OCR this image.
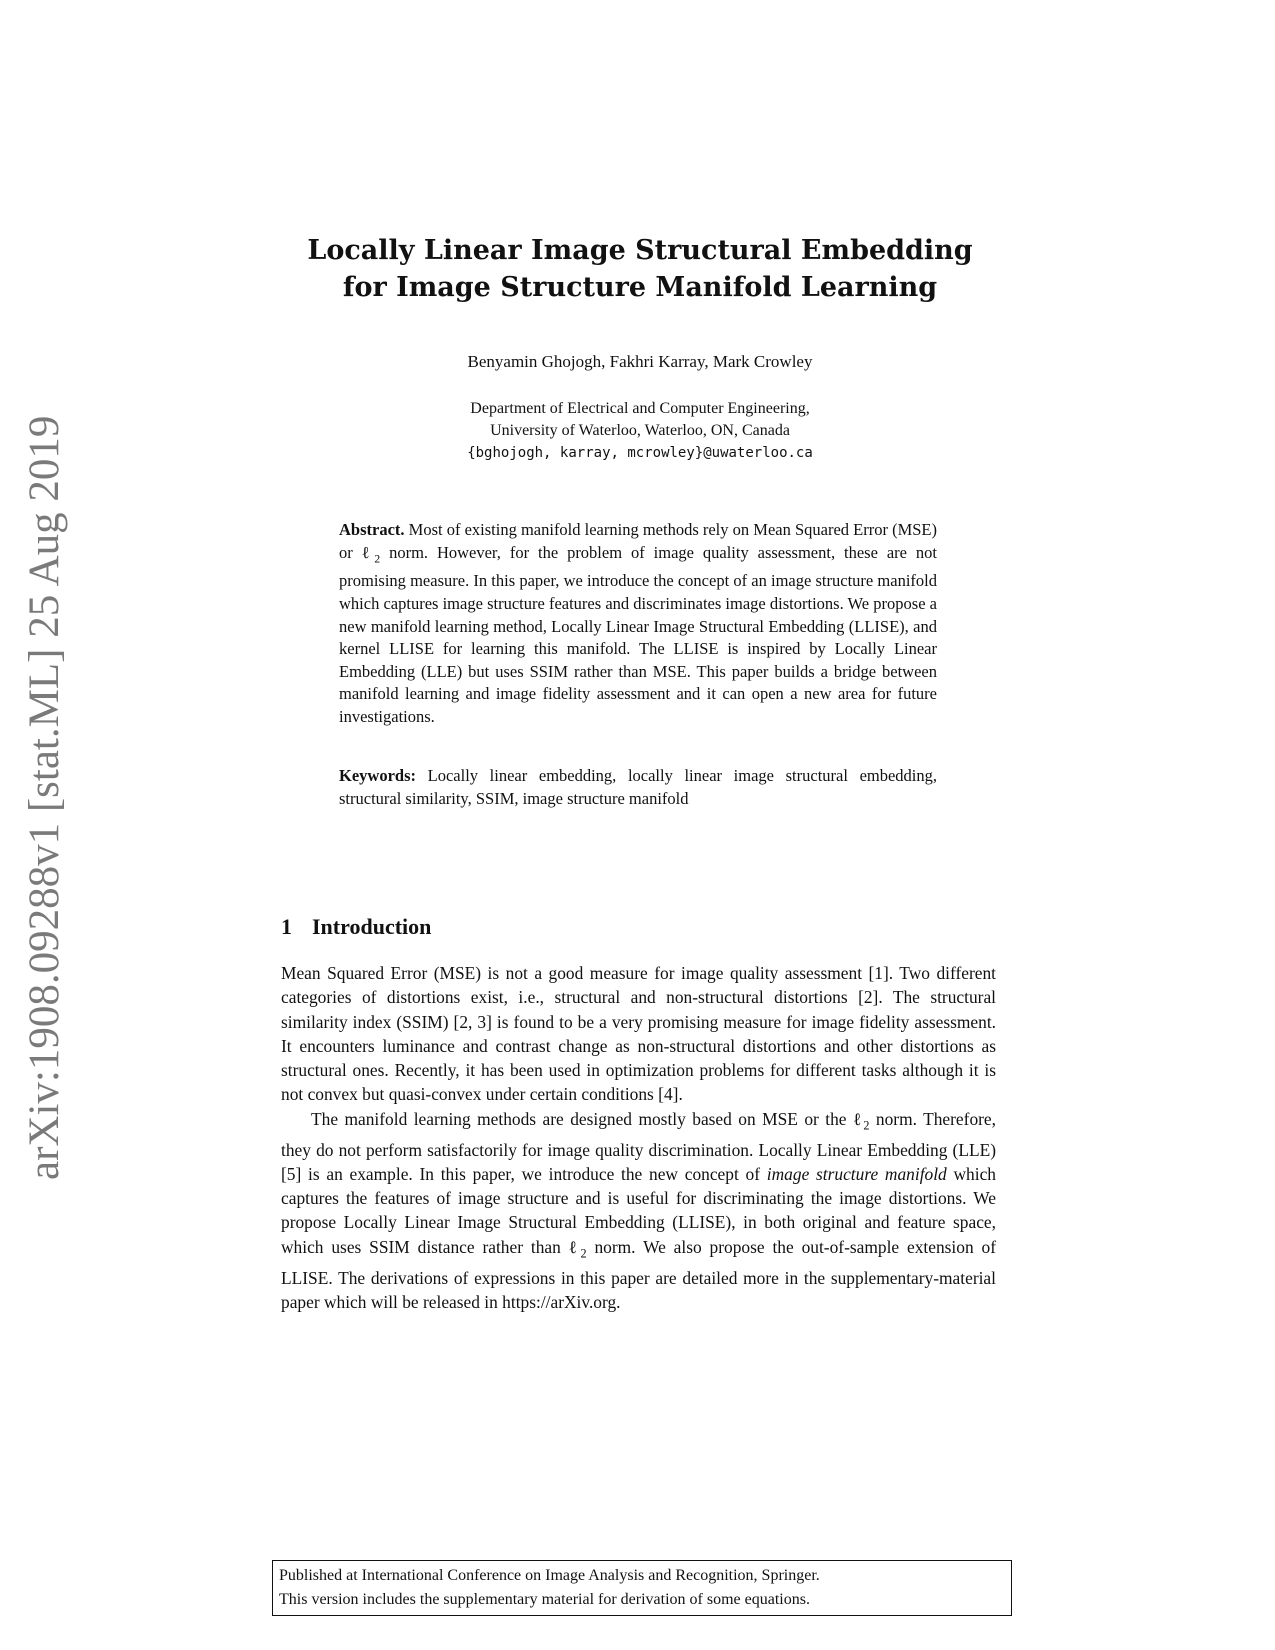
arXiv:1908.09288v1 [stat.ML] 25 Aug 2019
Locally Linear Image Structural Embedding
for Image Structure Manifold Learning
Benyamin Ghojogh, Fakhri Karray, Mark Crowley
Department of Electrical and Computer Engineering,
University of Waterloo, Waterloo, ON, Canada
{bghojogh, karray, mcrowley}@uwaterloo.ca
Abstract. Most of existing manifold learning methods rely on Mean Squared Error (MSE) or ℓ$_2$ norm. However, for the problem of image quality assessment, these are not promising measure. In this paper, we introduce the concept of an image structure manifold which captures image structure features and discriminates image distortions. We propose a new manifold learning method, Locally Linear Image Structural Embedding (LLISE), and kernel LLISE for learning this manifold. The LLISE is inspired by Locally Linear Embedding (LLE) but uses SSIM rather than MSE. This paper builds a bridge between manifold learning and image fidelity assessment and it can open a new area for future investigations.
Keywords: Locally linear embedding, locally linear image structural embedding, structural similarity, SSIM, image structure manifold
1 Introduction

Mean Squared Error (MSE) is not a good measure for image quality assessment [1]. Two different categories of distortions exist, i.e., structural and non-structural distortions [2]. The structural similarity index (SSIM) [2, 3] is found to be a very promising measure for image fidelity assessment. It encounters luminance and contrast change as non-structural distortions and other distortions as structural ones. Recently, it has been used in optimization problems for different tasks although it is not convex but quasi-convex under certain conditions [4].

The manifold learning methods are designed mostly based on MSE or the ℓ$_2$ norm. Therefore, they do not perform satisfactorily for image quality discrimination. Locally Linear Embedding (LLE) [5] is an example. In this paper, we introduce the new concept of image structure manifold which captures the features of image structure and is useful for discriminating the image distortions. We propose Locally Linear Image Structural Embedding (LLISE), in both original and feature space, which uses SSIM distance rather than ℓ$_2$ norm. We also propose the out-of-sample extension of LLISE. The derivations of expressions in this paper are detailed more in the supplementary-material paper which will be released in https://arXiv.org.

Published at International Conference on Image Analysis and Recognition, Springer.
This version includes the supplementary material for derivation of some equations.
